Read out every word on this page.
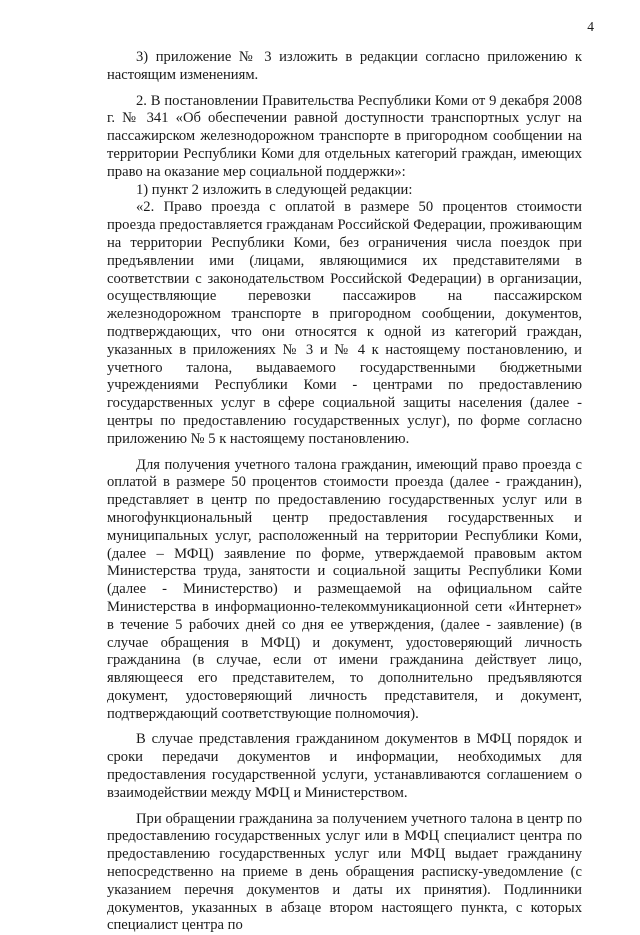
4

3) приложение № 3 изложить в редакции согласно приложению к настоящим изменениям.

2. В постановлении Правительства Республики Коми от 9 декабря 2008 г. № 341 «Об обеспечении равной доступности транспортных услуг на пассажирском железнодорожном транспорте в пригородном сообщении на территории Республики Коми для отдельных категорий граждан, имеющих право на оказание мер социальной поддержки»:

1) пункт 2 изложить в следующей редакции:

«2. Право проезда с оплатой в размере 50 процентов стоимости проезда предоставляется гражданам Российской Федерации, проживающим на территории Республики Коми, без ограничения числа поездок при предъявлении ими (лицами, являющимися их представителями в соответствии с законодательством Российской Федерации) в организации, осуществляющие перевозки пассажиров на пассажирском железнодорожном транспорте в пригородном сообщении, документов, подтверждающих, что они относятся к одной из категорий граждан, указанных в приложениях № 3 и № 4 к настоящему постановлению, и учетного талона, выдаваемого государственными бюджетными учреждениями Республики Коми - центрами по предоставлению государственных услуг в сфере социальной защиты населения (далее - центры по предоставлению государственных услуг), по форме согласно приложению № 5 к настоящему постановлению.

Для получения учетного талона гражданин, имеющий право проезда с оплатой в размере 50 процентов стоимости проезда (далее - гражданин), представляет в центр по предоставлению государственных услуг или в многофункциональный центр предоставления государственных и муниципальных услуг, расположенный на территории Республики Коми, (далее – МФЦ) заявление по форме, утверждаемой правовым актом Министерства труда, занятости и социальной защиты Республики Коми (далее - Министерство) и размещаемой на официальном сайте Министерства в информационно-телекоммуникационной сети «Интернет» в течение 5 рабочих дней со дня ее утверждения, (далее - заявление) (в случае обращения в МФЦ) и документ, удостоверяющий личность гражданина (в случае, если от имени гражданина действует лицо, являющееся его представителем, то дополнительно предъявляются документ, удостоверяющий личность представителя, и документ, подтверждающий соответствующие полномочия).

В случае представления гражданином документов в МФЦ порядок и сроки передачи документов и информации, необходимых для предоставления государственной услуги, устанавливаются соглашением о взаимодействии между МФЦ и Министерством.

При обращении гражданина за получением учетного талона в центр по предоставлению государственных услуг или в МФЦ специалист центра по предоставлению государственных услуг или МФЦ выдает гражданину непосредственно на приеме в день обращения расписку-уведомление (с указанием перечня документов и даты их принятия). Подлинники документов, указанных в абзаце втором настоящего пункта, с которых специалист центра по
